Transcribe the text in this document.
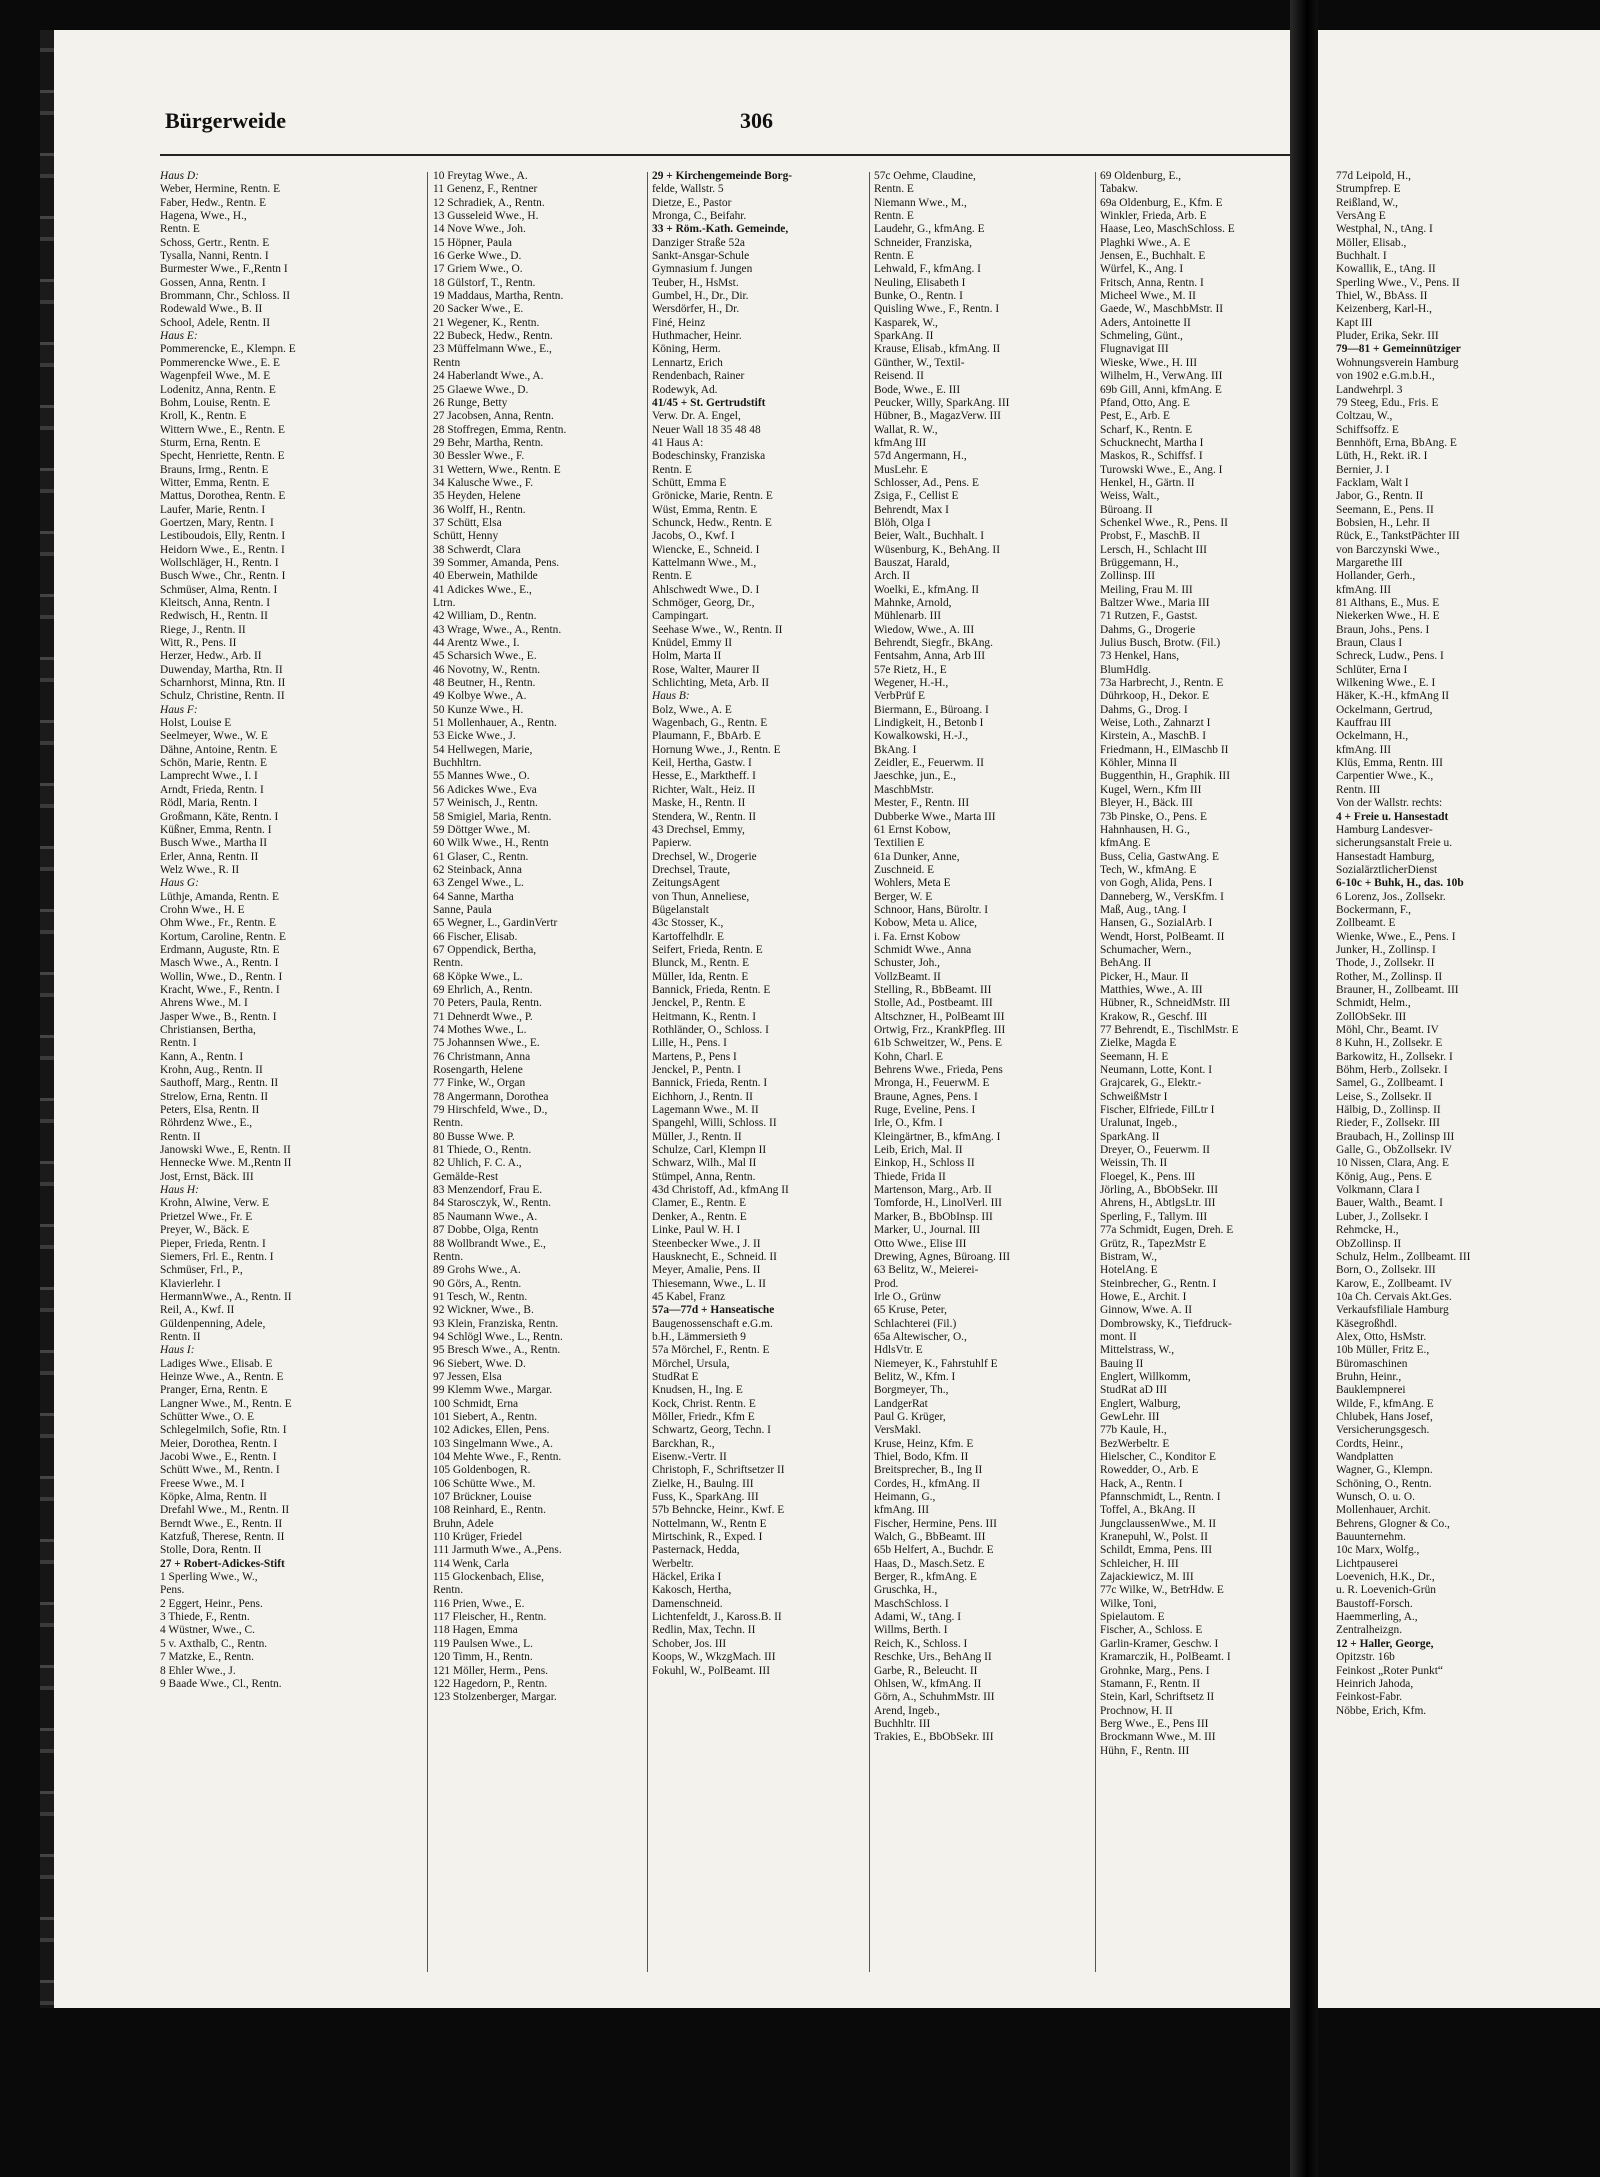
Bürgerweide	306
Haus D:
Weber, Hermine, Rentn. E
Faber, Hedw., Rentn. E
Hagena, Wwe., H.,
Rentn. E
Schoss, Gertr., Rentn. E
Tysalla, Nanni, Rentn. I
Burmester Wwe., F.,Rentn I
Gossen, Anna, Rentn. I
Brommann, Chr., Schloss. II
Rodewald Wwe., B. II
School, Adele, Rentn. II
Haus E:
Pommerencke, E., Klempn. E
Pommerencke Wwe., E. E
Wagenpfeil Wwe., M. E
Lodenitz, Anna, Rentn. E
Bohm, Louise, Rentn. E
Kroll, K., Rentn. E
Wittern Wwe., E., Rentn. E
Sturm, Erna, Rentn. E
Specht, Henriette, Rentn. E
Brauns, Irmg., Rentn. E
Witter, Emma, Rentn. E
Mattus, Dorothea, Rentn. E
Laufer, Marie, Rentn. I
Goertzen, Mary, Rentn. I
Lestiboudois, Elly, Rentn. I
Heidorn Wwe., E., Rentn. I
Wollschläger, H., Rentn. I
Busch Wwe., Chr., Rentn. I
Schmüser, Alma, Rentn. I
Kleitsch, Anna, Rentn. I
Redwisch, H., Rentn. II
Riege, J., Rentn. II
Witt, R., Pens. II
Herzer, Hedw., Arb. II
Duwenday, Martha, Rtn. II
Scharnhorst, Minna, Rtn. II
Schulz, Christine, Rentn. II
Haus F:
Holst, Louise E
Seelmeyer, Wwe., W. E
Dähne, Antoine, Rentn. E
Schön, Marie, Rentn. E
Lamprecht Wwe., I. I
Arndt, Frieda, Rentn. I
Rödl, Maria, Rentn. I
Großmann, Käte, Rentn. I
Küßner, Emma, Rentn. I
Busch Wwe., Martha II
Erler, Anna, Rentn. II
Welz Wwe., R. II
Haus G:
Lüthje, Amanda, Rentn. E
Crohn Wwe., H. E
Ohm Wwe., Fr., Rentn. E
Kortum, Caroline, Rentn. E
Erdmann, Auguste, Rtn. E
Masch Wwe., A., Rentn. I
Wollin, Wwe., D., Rentn. I
Kracht, Wwe., F., Rentn. I
Ahrens Wwe., M. I
Jasper Wwe., B., Rentn. I
Christiansen, Bertha,
Rentn. I
Kann, A., Rentn. I
Krohn, Aug., Rentn. II
Sauthoff, Marg., Rentn. II
Strelow, Erna, Rentn. II
Peters, Elsa, Rentn. II
Röhrdenz Wwe., E.,
Rentn. II
Janowski Wwe., E, Rentn. II
Hennecke Wwe. M.,Rentn II
Jost, Ernst, Bäck. III
Haus H:
Krohn, Alwine, Verw. E
Prietzel Wwe., Fr. E
Preyer, W., Bäck. E
Pieper, Frieda, Rentn. I
Siemers, Frl. E., Rentn. I
Schmüser, Frl., P.,
Klavierlehr. I
HermannWwe., A., Rentn. II
Reil, A., Kwf. II
Güldenpenning, Adele,
Rentn. II
Haus I:
Ladiges Wwe., Elisab. E
Heinze Wwe., A., Rentn. E
Pranger, Erna, Rentn. E
Langner Wwe., M., Rentn. E
Schütter Wwe., O. E
Schlegelmilch, Sofie, Rtn. I
Meier, Dorothea, Rentn. I
Jacobi Wwe., E., Rentn. I
Schütt Wwe., M., Rentn. I
Freese Wwe., M. I
Köpke, Alma, Rentn. II
Drefahl Wwe., M., Rentn. II
Berndt Wwe., E., Rentn. II
Katzfuß, Therese, Rentn. II
Stolle, Dora, Rentn. II
27 + Robert-Adickes-Stift
1 Sperling Wwe., W.,
Pens.
2 Eggert, Heinr., Pens.
3 Thiede, F., Rentn.
4 Wüstner, Wwe., C.
5 v. Axthalb, C., Rentn.
7 Matzke, E., Rentn.
8 Ehler Wwe., J.
9 Baade Wwe., Cl., Rentn.
10 Freytag Wwe., A.
11 Genenz, F., Rentner
12 Schradiek, A., Rentn.
13 Gusseleid Wwe., H.
14 Nove Wwe., Joh.
15 Höpner, Paula
16 Gerke Wwe., D.
17 Griem Wwe., O.
18 Gülstorf, T., Rentn.
19 Maddaus, Martha, Rentn.
20 Sacker Wwe., E.
21 Wegener, K., Rentn.
22 Bubeck, Hedw., Rentn.
23 Müffelmann Wwe., E.,
Rentn
24 Haberlandt Wwe., A.
25 Glaewe Wwe., D.
26 Runge, Betty
27 Jacobsen, Anna, Rentn.
28 Stoffregen, Emma, Rentn.
29 Behr, Martha, Rentn.
30 Bessler Wwe., F.
31 Wettern, Wwe., Rentn. E
34 Kalusche Wwe., F.
35 Heyden, Helene
36 Wolff, H., Rentn.
37 Schütt, Elsa
Schütt, Henny
38 Schwerdt, Clara
39 Sommer, Amanda, Pens.
40 Eberwein, Mathilde
41 Adickes Wwe., E.,
Ltrn.
42 William, D., Rentn.
43 Wrage, Wwe., A., Rentn.
44 Arentz Wwe., I.
45 Scharsich Wwe., E.
46 Novotny, W., Rentn.
48 Beutner, H., Rentn.
49 Kolbye Wwe., A.
50 Kunze Wwe., H.
51 Mollenhauer, A., Rentn.
53 Eicke Wwe., J.
54 Hellwegen, Marie,
Buchhltrn.
55 Mannes Wwe., O.
56 Adickes Wwe., Eva
57 Weinisch, J., Rentn.
58 Smigiel, Maria, Rentn.
59 Döttger Wwe., M.
60 Wilk Wwe., H., Rentn
61 Glaser, C., Rentn.
62 Steinback, Anna
63 Zengel Wwe., L.
64 Sanne, Martha
Sanne, Paula
65 Wegner, L., GardinVertr
66 Fischer, Elisab.
67 Oppendick, Bertha,
Rentn.
68 Köpke Wwe., L.
69 Ehrlich, A., Rentn.
70 Peters, Paula, Rentn.
71 Dehnerdt Wwe., P.
74 Mothes Wwe., L.
75 Johannsen Wwe., E.
76 Christmann, Anna
Rosengarth, Helene
77 Finke, W., Organ
78 Angermann, Dorothea
79 Hirschfeld, Wwe., D.,
Rentn.
80 Busse Wwe. P.
81 Thiede, O., Rentn.
82 Uhlich, F. C. A.,
Gemälde-Rest
83 Menzendorf, Frau E.
84 Starosczyk, W., Rentn.
85 Naumann Wwe., A.
87 Dobbe, Olga, Rentn
88 Wollbrandt Wwe., E.,
Rentn.
89 Grohs Wwe., A.
90 Görs, A., Rentn.
91 Tesch, W., Rentn.
92 Wickner, Wwe., B.
93 Klein, Franziska, Rentn.
94 Schlögl Wwe., L., Rentn.
95 Bresch Wwe., A., Rentn.
96 Siebert, Wwe. D.
97 Jessen, Elsa
99 Klemm Wwe., Margar.
100 Schmidt, Erna
101 Siebert, A., Rentn.
102 Adickes, Ellen, Pens.
103 Singelmann Wwe., A.
104 Mehte Wwe., F., Rentn.
105 Goldenbogen, R.
106 Schütte Wwe., M.
107 Brückner, Louise
108 Reinhard, E., Rentn.
Bruhn, Adele
110 Krüger, Friedel
111 Jarmuth Wwe., A.,Pens.
114 Wenk, Carla
115 Glockenbach, Elise,
Rentn.
116 Prien, Wwe., E.
117 Fleischer, H., Rentn.
118 Hagen, Emma
119 Paulsen Wwe., L.
120 Timm, H., Rentn.
121 Möller, Herm., Pens.
122 Hagedorn, P., Rentn.
123 Stolzenberger, Margar.
29 + Kirchengemeinde Borg-
felde, Wallstr. 5
Dietze, E., Pastor
Mronga, C., Beifahr.
33 + Röm.-Kath. Gemeinde,
Danziger Straße 52a
Sankt-Ansgar-Schule
Gymnasium f. Jungen
Teuber, H., HsMst.
Gumbel, H., Dr., Dir.
Wersdörfer, H., Dr.
Finé, Heinz
Huthmacher, Heinr.
Köning, Herm.
Lennartz, Erich
Rendenbach, Rainer
Rodewyk, Ad.
41/45 + St. Gertrudstift
Verw. Dr. A. Engel,
Neuer Wall 18 35 48 48
41 Haus A:
Bodeschinsky, Franziska
Rentn. E
Schütt, Emma E
Grönicke, Marie, Rentn. E
Wüst, Emma, Rentn. E
Schunck, Hedw., Rentn. E
Jacobs, O., Kwf. I
Wiencke, E., Schneid. I
Kattelmann Wwe., M.,
Rentn. E
Ahlschwedt Wwe., D. I
Schmöger, Georg, Dr.,
Campingart.
Seehase Wwe., W., Rentn. II
Knüdel, Emmy II
Holm, Marta II
Rose, Walter, Maurer II
Schlichting, Meta, Arb. II
Haus B:
Bolz, Wwe., A. E
Wagenbach, G., Rentn. E
Plaumann, F., BbArb. E
Hornung Wwe., J., Rentn. E
Keil, Hertha, Gastw. I
Hesse, E., Marktheff. I
Richter, Walt., Heiz. II
Maske, H., Rentn. II
Stendera, W., Rentn. II
43 Drechsel, Emmy,
Papierw.
Drechsel, W., Drogerie
Drechsel, Traute,
ZeitungsAgent
von Thun, Anneliese,
Bügelanstalt
43c Stosser, K.,
Kartoffelhdlr. E
Seifert, Frieda, Rentn. E
Blunck, M., Rentn. E
Müller, Ida, Rentn. E
Bannick, Frieda, Rentn. E
Jenckel, P., Rentn. E
Heitmann, K., Rentn. I
Rothländer, O., Schloss. I
Lille, H., Pens. I
Martens, P., Pens I
Jenckel, P., Pentn. I
Bannick, Frieda, Rentn. I
Eichhorn, J., Rentn. II
Lagemann Wwe., M. II
Spangehl, Willi, Schloss. II
Müller, J., Rentn. II
Schulze, Carl, Klempn II
Schwarz, Wilh., Mal II
Stümpel, Anna, Rentn.
43d Christoff, Ad., kfmAng II
Clamer, E., Rentn. E
Denker, A., Rentn. E
Linke, Paul W. H. I
Steenbecker Wwe., J. II
Hausknecht, E., Schneid. II
Meyer, Amalie, Pens. II
Thiesemann, Wwe., L. II
45 Kabel, Franz
57a—77d + Hanseatische
Baugenossenschaft e.G.m.
b.H., Lämmersieth 9
57a Mörchel, F., Rentn. E
Mörchel, Ursula,
StudRat E
Knudsen, H., Ing. E
Kock, Christ. Rentn. E
Möller, Friedr., Kfm E
Schwartz, Georg, Techn. I
Barckhan, R.,
Eisenw.-Vertr. II
Christoph, F., Schriftsetzer II
Zielke, H., Baulng. III
Fuss, K., SparkAng. III
57b Behncke, Heinr., Kwf. E
Nottelmann, W., Rentn E
Mirtschink, R., Exped. I
Pasternack, Hedda,
Werbeltr.
Häckel, Erika I
Kakosch, Hertha,
Damenschneid.
Lichtenfeldt, J., Kaross.B. II
Redlin, Max, Techn. II
Schober, Jos. III
Koops, W., WkzgMach. III
Fokuhl, W., PolBeamt. III
57c Oehme, Claudine,
Rentn. E
Niemann Wwe., M.,
Rentn. E
Laudehr, G., kfmAng. E
Schneider, Franziska,
Rentn. E
Lehwald, F., kfmAng. I
Neuling, Elisabeth I
Bunke, O., Rentn. I
Quisling Wwe., F., Rentn. I
Kasparek, W.,
SparkAng. II
Krause, Elisab., kfmAng. II
Günther, W., Textil-
Reisend. II
Bode, Wwe., E. III
Peucker, Willy, SparkAng. III
Hübner, B., MagazVerw. III
Wallat, R. W.,
kfmAng III
57d Angermann, H.,
MusLehr. E
Schlosser, Ad., Pens. E
Zsiga, F., Cellist E
Behrendt, Max I
Blöh, Olga I
Beier, Walt., Buchhalt. I
Wüsenburg, K., BehAng. II
Bauszat, Harald,
Arch. II
Woelki, E., kfmAng. II
Mahnke, Arnold,
Mühlenarb. III
Wiedow, Wwe., A. III
Behrendt, Siegfr., BkAng.
Fentsahm, Anna, Arb III
57e Rietz, H., E
Wegener, H.-H.,
VerbPrüf E
Biermann, E., Büroang. I
Lindigkeit, H., Betonb I
Kowalkowski, H.-J.,
BkAng. I
Zeidler, E., Feuerwm. II
Jaeschke, jun., E.,
MaschbMstr.
Mester, F., Rentn. III
Dubberke Wwe., Marta III
61 Ernst Kobow,
Textilien E
61a Dunker, Anne,
Zuschneid. E
Wohlers, Meta E
Berger, W. E
Schnoor, Hans, Büroltr. I
Kobow, Meta u. Alice,
i. Fa. Ernst Kobow
Schmidt Wwe., Anna
Schuster, Joh.,
VollzBeamt. II
Stelling, R., BbBeamt. III
Stolle, Ad., Postbeamt. III
Altschzner, H., PolBeamt III
Ortwig, Frz., KrankPfleg. III
61b Schweitzer, W., Pens. E
Kohn, Charl. E
Behrens Wwe., Frieda, Pens
Mronga, H., FeuerwM. E
Braune, Agnes, Pens. I
Ruge, Eveline, Pens. I
Irle, O., Kfm. I
Kleingärtner, B., kfmAng. I
Leib, Erich, Mal. II
Einkop, H., Schloss II
Thiede, Frida II
Martenson, Marg., Arb. II
Tomforde, H., LinolVerl. III
Marker, B., BbObInsp. III
Marker, U., Journal. III
Otto Wwe., Elise III
Drewing, Agnes, Büroang. III
63 Belitz, W., Meierei-
Prod.
Irle O., Grünw
65 Kruse, Peter,
Schlachterei (Fil.)
65a Altewischer, O.,
HdlsVtr. E
Niemeyer, K., Fahrstuhlf E
Belitz, W., Kfm. I
Borgmeyer, Th.,
LandgerRat
Paul G. Krüger,
VersMakl.
Kruse, Heinz, Kfm. E
Thiel, Bodo, Kfm. II
Breitsprecher, B., Ing II
Cordes, H., kfmAng. II
Heimann, G.,
kfmAng. III
Fischer, Hermine, Pens. III
Walch, G., BbBeamt. III
65b Helfert, A., Buchdr. E
Haas, D., Masch.Setz. E
Berger, R., kfmAng. E
Gruschka, H.,
MaschSchloss. I
Adami, W., tAng. I
Willms, Berth. I
Reich, K., Schloss. I
Reschke, Urs., BehAng II
Garbe, R., Beleucht. II
Ohlsen, W., kfmAng. II
Görn, A., SchuhmMstr. III
Arend, Ingeb.,
Buchhltr. III
Trakies, E., BbObSekr. III
69 Oldenburg, E.,
Tabakw.
69a Oldenburg, E., Kfm. E
Winkler, Frieda, Arb. E
Haase, Leo, MaschSchloss. E
Plaghki Wwe., A. E
Jensen, E., Buchhalt. E
Würfel, K., Ang. I
Fritsch, Anna, Rentn. I
Micheel Wwe., M. II
Gaede, W., MaschbMstr. II
Aders, Antoinette II
Schmeling, Günt.,
Flugnavigat III
Wieske, Wwe., H. III
Wilhelm, H., VerwAng. III
69b Gill, Anni, kfmAng. E
Pfand, Otto, Ang. E
Pest, E., Arb. E
Scharf, K., Rentn. E
Schucknecht, Martha I
Maskos, R., Schiffsf. I
Turowski Wwe., E., Ang. I
Henkel, H., Gärtn. II
Weiss, Walt.,
Büroang. II
Schenkel Wwe., R., Pens. II
Probst, F., MaschB. II
Lersch, H., Schlacht III
Brüggemann, H.,
Zollinsp. III
Meiling, Frau M. III
Baltzer Wwe., Maria III
71 Rutzen, F., Gastst.
Dahms, G., Drogerie
Julius Busch, Brotw. (Fil.)
73 Henkel, Hans,
BlumHdlg.
73a Harbrecht, J., Rentn. E
Dührkoop, H., Dekor. E
Dahms, G., Drog. I
Weise, Loth., Zahnarzt I
Kirstein, A., MaschB. I
Friedmann, H., ElMaschb II
Köhler, Minna II
Buggenthin, H., Graphik. III
Kugel, Wern., Kfm III
Bleyer, H., Bäck. III
73b Pinske, O., Pens. E
Hahnhausen, H. G.,
kfmAng. E
Buss, Celia, GastwAng. E
Tech, W., kfmAng. E
von Gogh, Alida, Pens. I
Danneberg, W., VersKfm. I
Maß, Aug., tAng. I
Hansen, G., SozialArb. I
Wendt, Horst, PolBeamt. II
Schumacher, Wern.,
BehAng. II
Picker, H., Maur. II
Matthies, Wwe., A. III
Hübner, R., SchneidMstr. III
Krakow, R., Geschf. III
77 Behrendt, E., TischlMstr. E
Zielke, Magda E
Seemann, H. E
Neumann, Lotte, Kont. I
Grajcarek, G., Elektr.-
SchweißMstr I
Fischer, Elfriede, FilLtr I
Uralunat, Ingeb.,
SparkAng. II
Dreyer, O., Feuerwm. II
Weissin, Th. II
Floegel, K., Pens. III
Jörling, A., BbObSekr. III
Ahrens, H., AbtlgsLtr. III
Sperling, F., Tallym. III
77a Schmidt, Eugen, Dreh. E
Grütz, R., TapezMstr E
Bistram, W.,
HotelAng. E
Steinbrecher, G., Rentn. I
Howe, E., Archit. I
Ginnow, Wwe. A. II
Dombrowsky, K., Tiefdruck-
mont. II
Mittelstrass, W.,
Bauing II
Englert, Willkomm,
StudRat aD III
Englert, Walburg,
GewLehr. III
77b Kaule, H.,
BezWerbeltr. E
Hielscher, C., Konditor E
Rowedder, O., Arb. E
Hack, A., Rentn. I
Pfannschmidt, L., Rentn. I
Toffel, A., BkAng. II
JungclaussenWwe., M. II
Kranepuhl, W., Polst. II
Schildt, Emma, Pens. III
Schleicher, H. III
Zajackiewicz, M. III
77c Wilke, W., BetrHdw. E
Wilke, Toni,
Spielautom. E
Fischer, A., Schloss. E
Garlin-Kramer, Geschw. I
Kramarczik, H., PolBeamt. I
Grohnke, Marg., Pens. I
Stamann, F., Rentn. II
Stein, Karl, Schriftsetz II
Prochnow, H. II
Berg Wwe., E., Pens III
Brockmann Wwe., M. III
Hühn, F., Rentn. III
77d Leipold, H.,
Strumpfrep. E
Reißland, W.,
VersAng E
Westphal, N., tAng. I
Möller, Elisab.,
Buchhalt. I
Kowallik, E., tAng. II
Sperling Wwe., V., Pens. II
Thiel, W., BbAss. II
Keizenberg, Karl-H.,
Kapt III
Pluder, Erika, Sekr. III
79—81 + Gemeinnütziger
Wohnungsverein Hamburg
von 1902 e.G.m.b.H.,
Landwehrpl. 3
79 Steeg, Edu., Fris. E
Coltzau, W.,
Schiffsoffz. E
Bennhöft, Erna, BbAng. E
Lüth, H., Rekt. iR. I
Bernier, J. I
Facklam, Walt I
Jabor, G., Rentn. II
Seemann, E., Pens. II
Bobsien, H., Lehr. II
Rück, E., TankstPächter III
von Barczynski Wwe.,
Margarethe III
Hollander, Gerh.,
kfmAng. III
81 Althans, E., Mus. E
Niekerken Wwe., H. E
Braun, Johs., Pens. I
Braun, Claus I
Schreck, Ludw., Pens. I
Schlüter, Erna I
Wilkening Wwe., E. I
Häker, K.-H., kfmAng II
Ockelmann, Gertrud,
Kauffrau III
Ockelmann, H.,
kfmAng. III
Klüs, Emma, Rentn. III
Carpentier Wwe., K.,
Rentn. III
Von der Wallstr. rechts:
4 + Freie u. Hansestadt
Hamburg Landesver-
sicherungsanstalt Freie u.
Hansestadt Hamburg,
SozialärztlicherDienst
6-10c + Buhk, H., das. 10b
6 Lorenz, Jos., Zollsekr.
Bockermann, F.,
Zollbeamt. E
Wienke, Wwe., E., Pens. I
Junker, H., Zollinsp. I
Thode, J., Zollsekr. II
Rother, M., Zollinsp. II
Brauner, H., Zollbeamt. III
Schmidt, Helm.,
ZollObSekr. III
Möhl, Chr., Beamt. IV
8 Kuhn, H., Zollsekr. E
Barkowitz, H., Zollsekr. I
Böhm, Herb., Zollsekr. I
Samel, G., Zollbeamt. I
Leise, S., Zollsekr. II
Hälbig, D., Zollinsp. II
Rieder, F., Zollsekr. III
Braubach, H., Zollinsp III
Galle, G., ObZollsekr. IV
10 Nissen, Clara, Ang. E
König, Aug., Pens. E
Volkmann, Clara I
Bauer, Walth., Beamt. I
Luber, J., Zollsekr. I
Rehmcke, H.,
ObZollinsp. II
Schulz, Helm., Zollbeamt. III
Born, O., Zollsekr. III
Karow, E., Zollbeamt. IV
10a Ch. Cervais Akt.Ges.
Verkaufsfiliale Hamburg
Käsegroßhdl.
Alex, Otto, HsMstr.
10b Müller, Fritz E.,
Büromaschinen
Bruhn, Heinr.,
Bauklempnerei
Wilde, F., kfmAng. E
Chlubek, Hans Josef,
Versicherungsgesch.
Cordts, Heinr.,
Wandplatten
Wagner, G., Klempn.
Schöning, O., Rentn.
Wunsch, O. u. O.
Mollenhauer, Archit.
Behrens, Glogner & Co.,
Bauunternehm.
10c Marx, Wolfg.,
Lichtpauserei
Loevenich, H.K., Dr.,
u. R. Loevenich-Grün
Baustoff-Forsch.
Haemmerling, A.,
Zentralheizgn.
12 + Haller, George,
Opitzstr. 16b
Feinkost „Roter Punkt“
Heinrich Jahoda,
Feinkost-Fabr.
Nöbbe, Erich, Kfm.
